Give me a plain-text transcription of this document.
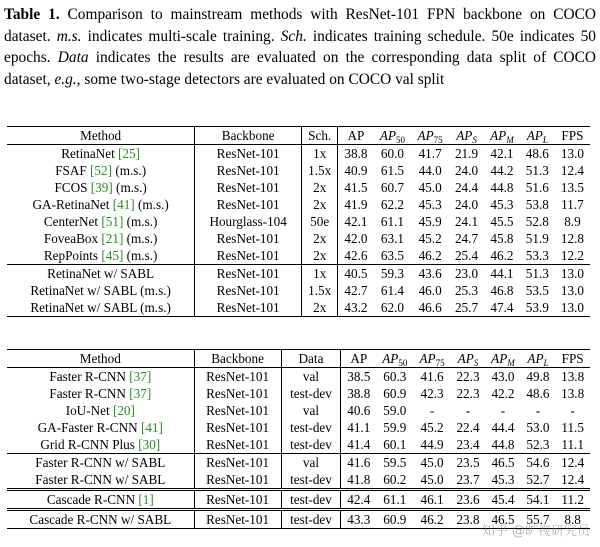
Table 1. Comparison to mainstream methods with ResNet-101 FPN backbone on COCO dataset. m.s. indicates multi-scale training. Sch. indicates training schedule. 50e indicates 50 epochs. Data indicates the results are evaluated on the corresponding data split of COCO dataset, e.g., some two-stage detectors are evaluated on COCO val split
Method	Backbone	Sch.	AP	$AP_{50}$	$AP_{75}$	$AP_S$	$AP_M$	$AP_L$	FPS
RetinaNet [25]	ResNet-101	1x	38.8	60.0	41.7	21.9	42.1	48.6	13.0
FSAF [52] (m.s.)	ResNet-101	1.5x	40.9	61.5	44.0	24.0	44.2	51.3	12.4
FCOS [39] (m.s.)	ResNet-101	2x	41.5	60.7	45.0	24.4	44.8	51.6	13.5
GA-RetinaNet [41] (m.s.)	ResNet-101	2x	41.9	62.2	45.3	24.0	45.3	53.8	11.7
CenterNet [51] (m.s.)	Hourglass-104	50e	42.1	61.1	45.9	24.1	45.5	52.8	8.9
FoveaBox [21] (m.s.)	ResNet-101	2x	42.0	63.1	45.2	24.7	45.8	51.9	12.8
RepPoints [45] (m.s.)	ResNet-101	2x	42.6	63.5	46.2	25.4	46.2	53.3	12.2
RetinaNet w/ SABL	ResNet-101	1x	40.5	59.3	43.6	23.0	44.1	51.3	13.0
RetinaNet w/ SABL (m.s.)	ResNet-101	1.5x	42.7	61.4	46.0	25.3	46.8	53.5	13.0
RetinaNet w/ SABL (m.s.)	ResNet-101	2x	43.2	62.0	46.6	25.7	47.4	53.9	13.0
Method	Backbone	Data	AP	$AP_{50}$	$AP_{75}$	$AP_S$	$AP_M$	$AP_L$	FPS
Faster R-CNN [37]	ResNet-101	val	38.5	60.3	41.6	22.3	43.0	49.8	13.8
Faster R-CNN [37]	ResNet-101	test-dev	38.8	60.9	42.3	22.3	42.2	48.6	13.8
IoU-Net [20]	ResNet-101	val	40.6	59.0	-	-	-	-	-
GA-Faster R-CNN [41]	ResNet-101	test-dev	41.1	59.9	45.2	22.4	44.4	53.0	11.5
Grid R-CNN Plus [30]	ResNet-101	test-dev	41.4	60.1	44.9	23.4	44.8	52.3	11.1
Faster R-CNN w/ SABL	ResNet-101	val	41.6	59.5	45.0	23.5	46.5	54.6	12.4
Faster R-CNN w/ SABL	ResNet-101	test-dev	41.8	60.2	45.0	23.7	45.3	52.7	12.4
Cascade R-CNN [1]	ResNet-101	test-dev	42.4	61.1	46.1	23.6	45.4	54.1	11.2
Cascade R-CNN w/ SABL	ResNet-101	test-dev	43.3	60.9	46.2	23.8	46.5	55.7	8.8
知乎 @旷视研究员
